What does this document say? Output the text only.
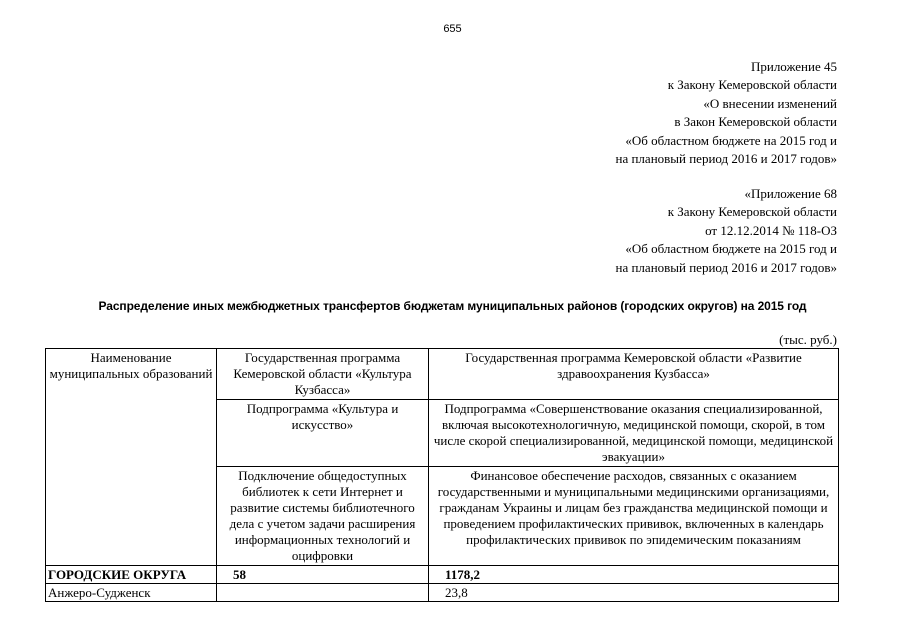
655
Приложение 45
к Закону Кемеровской области
«О внесении изменений
в Закон Кемеровской области
«Об областном бюджете на 2015 год и
на плановый период 2016 и 2017 годов»
«Приложение 68
к Закону Кемеровской области
от 12.12.2014 № 118-ОЗ
«Об областном бюджете на 2015 год и
на плановый период 2016 и 2017 годов»
Распределение иных межбюджетных трансфертов бюджетам муниципальных районов (городских округов) на 2015 год
(тыс. руб.)
Наименование муниципальных образований	Государственная программа Кемеровской области «Культура Кузбасса»	Государственная программа Кемеровской области «Развитие здравоохранения Кузбасса»
	Подпрограмма «Культура и искусство»	Подпрограмма «Совершенствование оказания специализированной, включая высокотехнологичную, медицинской помощи, скорой, в том числе скорой специализированной, медицинской помощи, медицинской эвакуации»
	Подключение общедоступных библиотек к сети Интернет и развитие системы библиотечного дела с учетом задачи расширения информационных технологий и оцифровки	Финансовое обеспечение расходов, связанных с оказанием государственными и муниципальными медицинскими организациями, гражданам Украины и лицам без гражданства медицинской помощи и проведением профилактических прививок, включенных в календарь профилактических прививок по эпидемическим показаниям
ГОРОДСКИЕ ОКРУГА	58	1178,2
Анжеро-Судженск		23,8
